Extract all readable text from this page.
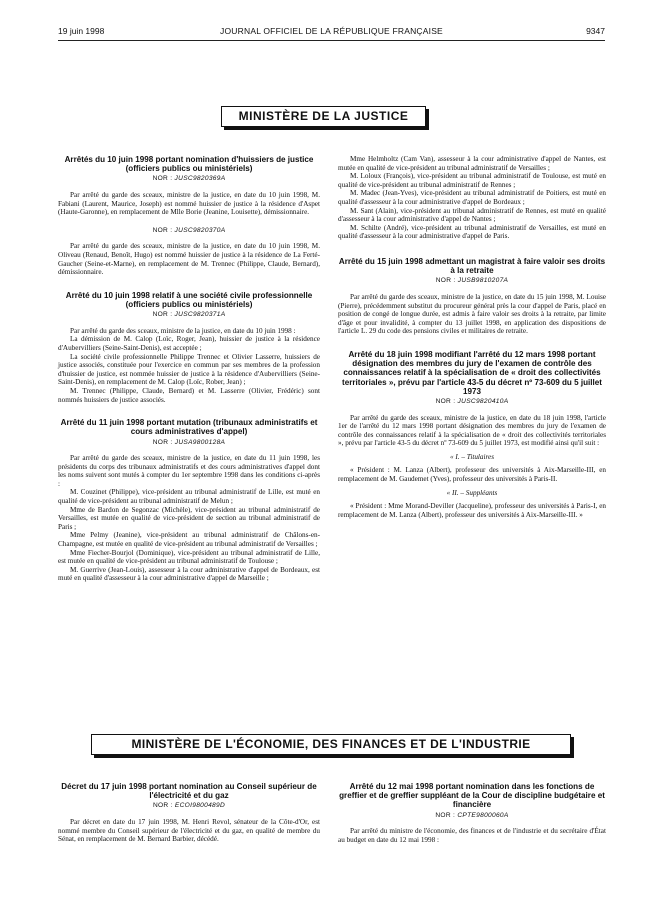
19 juin 1998	JOURNAL OFFICIEL DE LA RÉPUBLIQUE FRANÇAISE	9347
MINISTÈRE DE LA JUSTICE
Arrêtés du 10 juin 1998 portant nomination d'huissiers de justice (officiers publics ou ministériels)
NOR : JUSC9820369A

Par arrêté du garde des sceaux, ministre de la justice, en date du 10 juin 1998, M. Fabiani (Laurent, Maurice, Joseph) est nommé huissier de justice à la résidence d'Aspet (Haute-Garonne), en remplacement de Mlle Borie (Jeanine, Louisette), démissionnaire.

NOR : JUSC9820370A

Par arrêté du garde des sceaux, ministre de la justice, en date du 10 juin 1998, M. Oliveau (Renaud, Benoît, Hugo) est nommé huissier de justice à la résidence de La Ferté-Gaucher (Seine-et-Marne), en remplacement de M. Trennec (Philippe, Claude, Bernard), démissionnaire.

Arrêté du 10 juin 1998 relatif à une société civile professionnelle (officiers publics ou ministériels)
NOR : JUSC9820371A

Par arrêté du garde des sceaux, ministre de la justice, en date du 10 juin 1998 :

La démission de M. Calop (Loïc, Roger, Jean), huissier de justice à la résidence d'Aubervilliers (Seine-Saint-Denis), est acceptée ;

La société civile professionnelle Philippe Trennec et Olivier Lasserre, huissiers de justice associés, constituée pour l'exercice en commun par ses membres de la profession d'huissier de justice, est nommée huissier de justice à la résidence d'Aubervilliers (Seine-Saint-Denis), en remplacement de M. Calop (Loïc, Rober, Jean) ;

M. Trennec (Philippe, Claude, Bernard) et M. Lasserre (Olivier, Frédéric) sont nommés huissiers de justice associés.

Arrêté du 11 juin 1998 portant mutation (tribunaux administratifs et cours administratives d'appel)
NOR : JUSA9800128A

Par arrêté du garde des sceaux, ministre de la justice, en date du 11 juin 1998, les présidents du corps des tribunaux administratifs et des cours administratives d'appel dont les noms suivent sont mutés à compter du 1er septembre 1998 dans les conditions ci-après :

M. Couzinet (Philippe), vice-président au tribunal administratif de Lille, est muté en qualité de vice-président au tribunal administratif de Melun ;

Mme de Bardon de Segonzac (Michèle), vice-président au tribunal administratif de Versailles, est mutée en qualité de vice-président de section au tribunal administratif de Paris ;

Mme Pelmy (Jeanine), vice-président au tribunal administratif de Châlons-en-Champagne, est mutée en qualité de vice-président au tribunal administratif de Versailles ;

Mme Fiecher-Bourjol (Dominique), vice-président au tribunal administratif de Lille, est mutée en qualité de vice-président au tribunal administratif de Toulouse ;

M. Guerrive (Jean-Louis), assesseur à la cour administrative d'appel de Bordeaux, est muté en qualité d'assesseur à la cour administrative d'appel de Marseille ;

Mme Helmholtz (Cam Van), assesseur à la cour administrative d'appel de Nantes, est mutée en qualité de vice-président au tribunal administratif de Versailles ;

M. Loloux (François), vice-président au tribunal administratif de Toulouse, est muté en qualité de vice-président au tribunal administratif de Rennes ;

M. Madec (Jean-Yves), vice-président au tribunal administratif de Poitiers, est muté en qualité d'assesseur à la cour administrative d'appel de Bordeaux ;

M. Sant (Alain), vice-président au tribunal administratif de Rennes, est muté en qualité d'assesseur à la cour administrative d'appel de Nantes ;

M. Schilte (André), vice-président au tribunal administratif de Versailles, est muté en qualité d'assesseur à la cour administrative d'appel de Paris.

Arrêté du 15 juin 1998 admettant un magistrat à faire valoir ses droits à la retraite
NOR : JUSB9810207A

Par arrêté du garde des sceaux, ministre de la justice, en date du 15 juin 1998, M. Louise (Pierre), précédemment substitut du procureur général près la cour d'appel de Paris, placé en position de congé de longue durée, est admis à faire valoir ses droits à la retraite, par limite d'âge et pour invalidité, à compter du 13 juillet 1998, en application des dispositions de l'article L. 29 du code des pensions civiles et militaires de retraite.

Arrêté du 18 juin 1998 modifiant l'arrêté du 12 mars 1998 portant désignation des membres du jury de l'examen de contrôle des connaissances relatif à la spécialisation de « droit des collectivités territoriales », prévu par l'article 43-5 du décret nº 73-609 du 5 juillet 1973
NOR : JUSC9820410A

Par arrêté du garde des sceaux, ministre de la justice, en date du 18 juin 1998, l'article 1er de l'arrêté du 12 mars 1998 portant désignation des membres du jury de l'examen de contrôle des connaissances relatif à la spécialisation de « droit des collectivités territoriales », prévu par l'article 43-5 du décret nº 73-609 du 5 juillet 1973, est modifié ainsi qu'il suit :

« I. – Titulaires

« Président : M. Lanza (Albert), professeur des universités à Aix-Marseille-III, en remplacement de M. Gaudemet (Yves), professeur des universités à Paris-II.

« II. – Suppléants

« Président : Mme Morand-Deviller (Jacqueline), professeur des universités à Paris-I, en remplacement de M. Lanza (Albert), professeur des universités à Aix-Marseille-III. »

MINISTÈRE DE L'ÉCONOMIE, DES FINANCES ET DE L'INDUSTRIE
Décret du 17 juin 1998 portant nomination au Conseil supérieur de l'électricité et du gaz
NOR : ECOI9800489D

Par décret en date du 17 juin 1998, M. Henri Revol, sénateur de la Côte-d'Or, est nommé membre du Conseil supérieur de l'électricité et du gaz, en qualité de membre du Sénat, en remplacement de M. Bernard Barbier, décédé.

Arrêté du 12 mai 1998 portant nomination dans les fonctions de greffier et de greffier suppléant de la Cour de discipline budgétaire et financière
NOR : CPTE9800060A

Par arrêté du ministre de l'économie, des finances et de l'industrie et du secrétaire d'État au budget en date du 12 mai 1998 :
